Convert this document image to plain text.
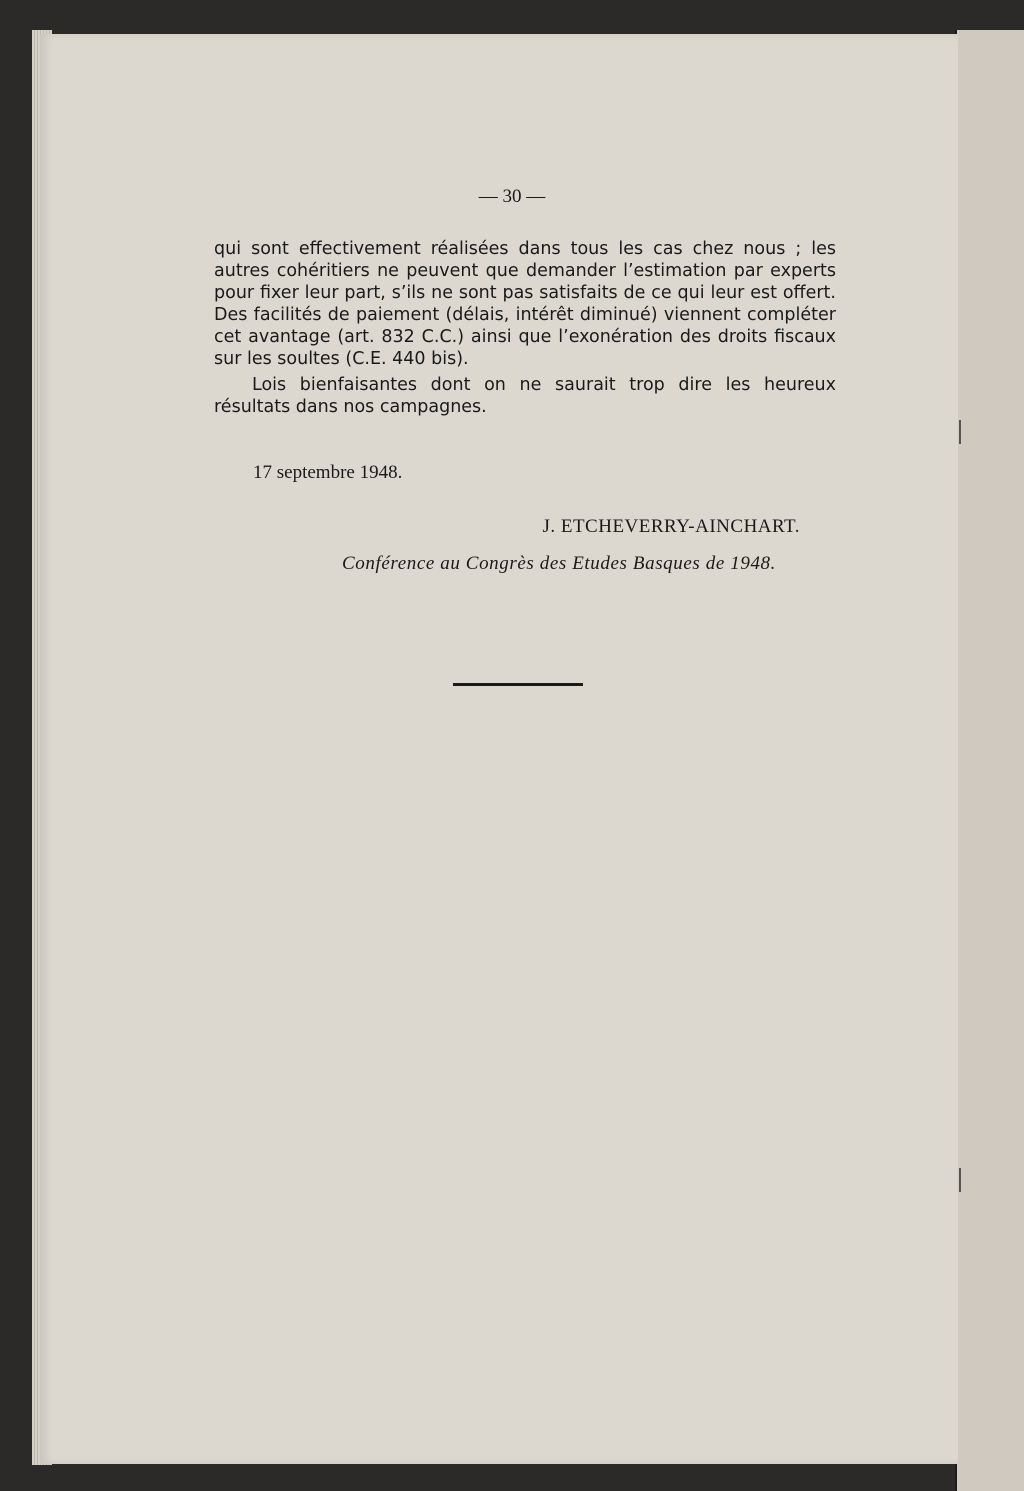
— 30 —

qui sont effectivement réalisées dans tous les cas chez nous ; les autres cohéritiers ne peuvent que demander l’estimation par experts pour fixer leur part, s’ils ne sont pas satisfaits de ce qui leur est offert. Des facilités de paiement (délais, intérêt diminué) viennent compléter cet avantage (art. 832 C.C.) ainsi que l’exonération des droits fiscaux sur les soultes (C.E. 440 bis).

Lois bienfaisantes dont on ne saurait trop dire les heureux résultats dans nos campagnes.

17 septembre 1948.
J. ETCHEVERRY-AINCHART.
Conférence au Congrès des Etudes Basques de 1948.
